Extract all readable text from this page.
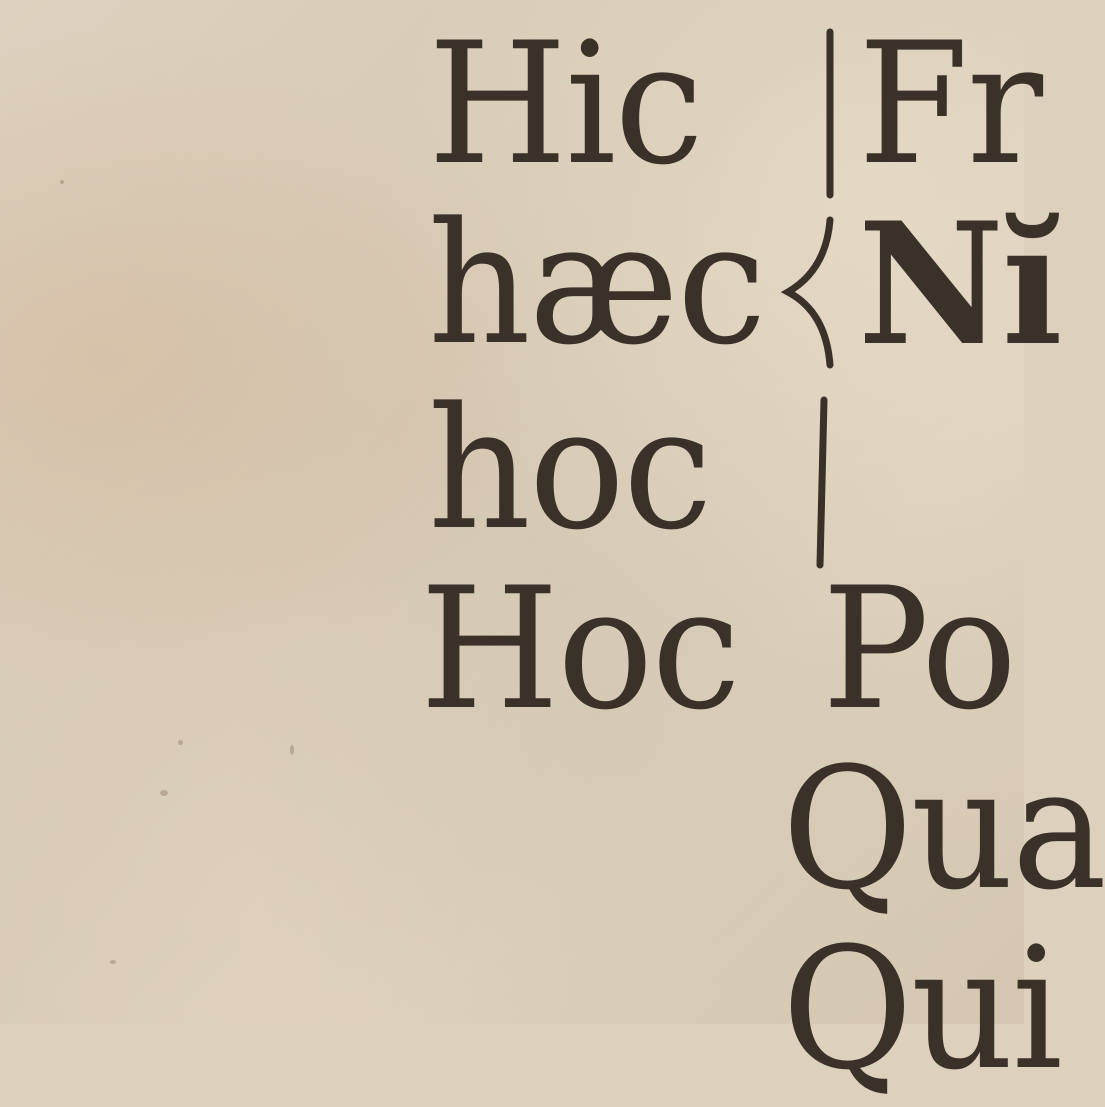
Hic
hæc
hoc
Hoc
Fr
Nĭ
Po
Qua
Qui
